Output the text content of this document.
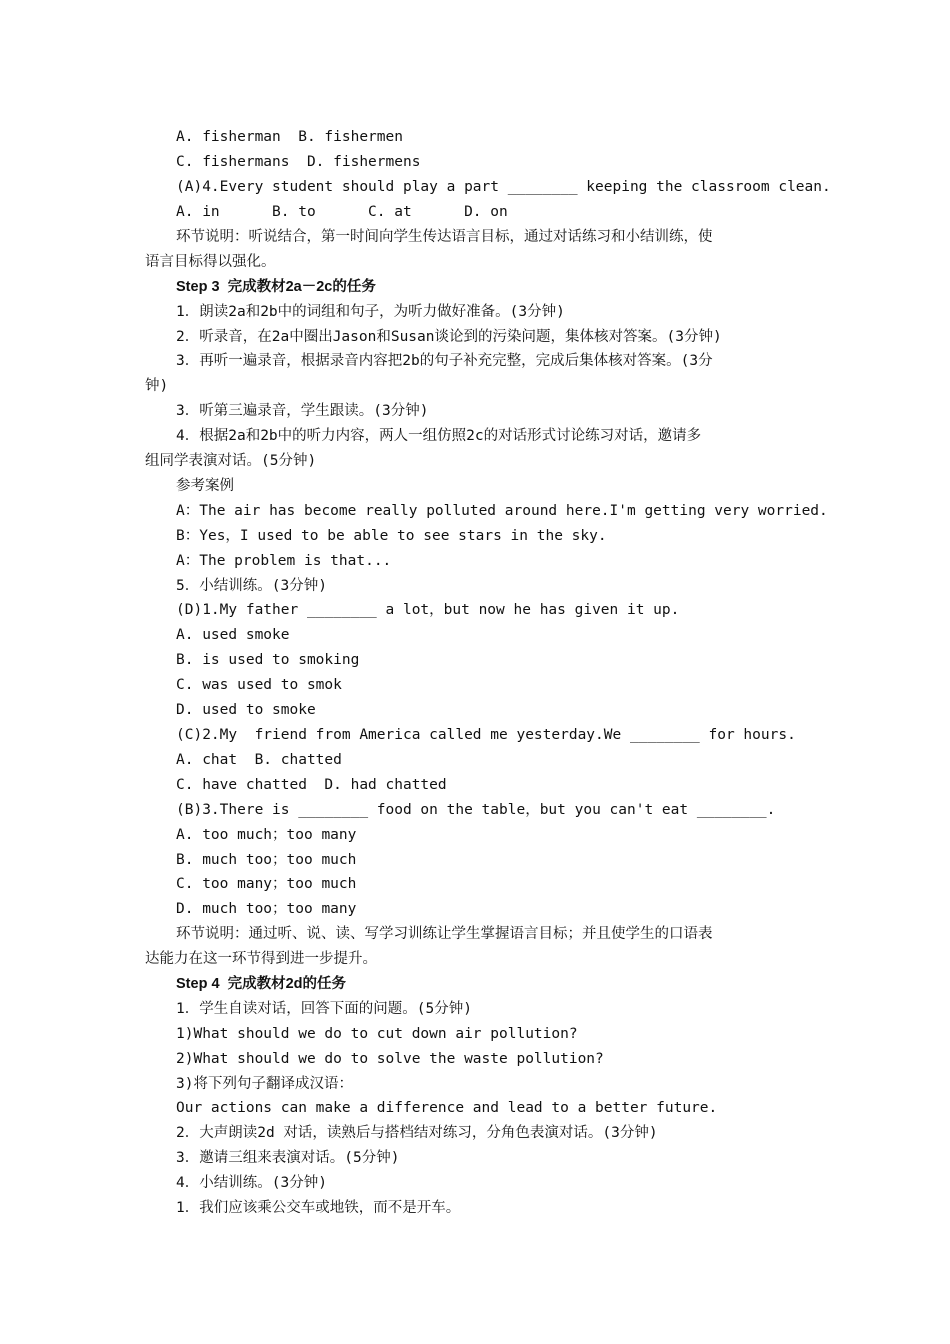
A. fisherman  B. fishermen
C. fishermans  D. fishermens
(A)4.Every student should play a part ________ keeping the classroom clean.
A. in      B. to      C. at      D. on
环节说明：听说结合，第一时间向学生传达语言目标，通过对话练习和小结训练，使
语言目标得以强化。
Step 3  完成教材2a－2c的任务
1．朗读2a和2b中的词组和句子，为听力做好准备。(3分钟)
2．听录音，在2a中圈出Jason和Susan谈论到的污染问题，集体核对答案。(3分钟)
3．再听一遍录音，根据录音内容把2b的句子补充完整，完成后集体核对答案。(3分
钟)
3．听第三遍录音，学生跟读。(3分钟)
4．根据2a和2b中的听力内容，两人一组仿照2c的对话形式讨论练习对话，邀请多
组同学表演对话。(5分钟)
参考案例
A：The air has become really polluted around here.I'm getting very worried.
B：Yes，I used to be able to see stars in the sky.
A：The problem is that...
5．小结训练。(3分钟)
(D)1.My father ________ a lot，but now he has given it up.
A. used smoke
B. is used to smoking
C. was used to smok
D. used to smoke
(C)2.My  friend from America called me yesterday.We ________ for hours.
A. chat  B. chatted
C. have chatted  D. had chatted
(B)3.There is ________ food on the table，but you can't eat ________.
A. too much；too many
B. much too；too much
C. too many；too much
D. much too；too many
环节说明：通过听、说、读、写学习训练让学生掌握语言目标；并且使学生的口语表
达能力在这一环节得到进一步提升。
Step 4  完成教材2d的任务
1．学生自读对话，回答下面的问题。(5分钟)
1)What should we do to cut down air pollution?
2)What should we do to solve the waste pollution?
3)将下列句子翻译成汉语：
Our actions can make a difference and lead to a better future.
2．大声朗读2d 对话，读熟后与搭档结对练习，分角色表演对话。(3分钟)
3．邀请三组来表演对话。(5分钟)
4．小结训练。(3分钟)
1．我们应该乘公交车或地铁，而不是开车。
